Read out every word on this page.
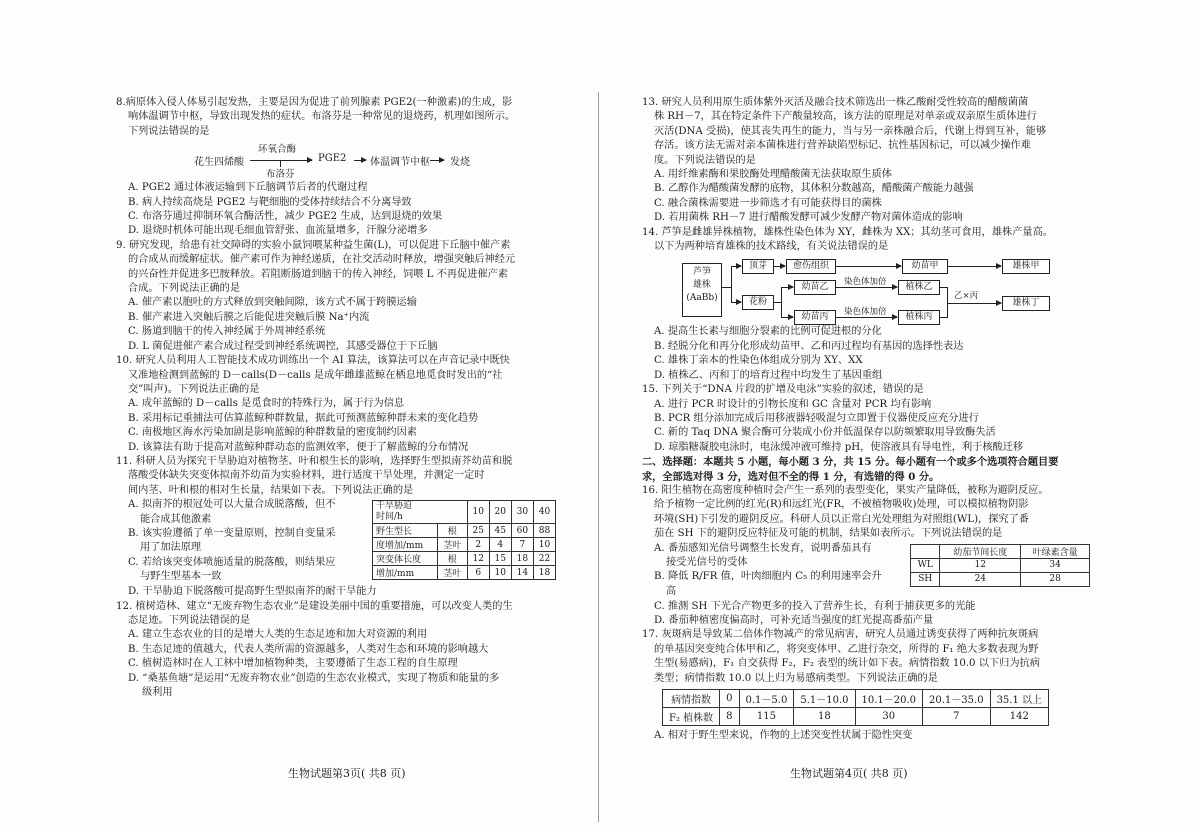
8.病原体入侵人体易引起发热，主要是因为促进了前列腺素 PGE2(一种激素)的生成，影

响体温调节中枢，导致出现发热的症状。布洛芬是一种常见的退烧药，机理如图所示。

下列说法错误的是

花生四烯酸
环氧合酶
布洛芬
PGE2 体温调节中枢 发烧

A. PGE2 通过体液运输到下丘脑调节后者的代谢过程

B. 病人持续高烧是 PGE2 与靶细胞的受体持续结合不分离导致

C. 布洛芬通过抑制环氧合酶活性，减少 PGE2 生成，达到退烧的效果

D. 退烧时机体可能出现毛细血管舒张、血流量增多，汗腺分泌增多

9. 研究发现，给患有社交障碍的实验小鼠饲喂某种益生菌(L)，可以促进下丘脑中催产素

的合成从而缓解症状。催产素可作为神经递质，在社交活动时释放，增强突触后神经元

的兴奋性并促进多巴胺释放。若阻断肠道到脑干的传入神经，饲喂 L 不再促进催产素

合成。下列说法正确的是

A. 催产素以胞吐的方式释放到突触间隙，该方式不属于跨膜运输

B. 催产素进入突触后膜之后能促进突触后膜 Na⁺内流

C. 肠道到脑干的传入神经属于外周神经系统

D. L 菌促进催产素合成过程受到神经系统调控，其感受器位于下丘脑

10. 研究人员利用人工智能技术成功训练出一个 AI 算法，该算法可以在声音记录中既快

又准地检测到蓝鲸的 D－calls(D－calls 是成年雌雄蓝鲸在栖息地觅食时发出的“社

交”叫声)。下列说法正确的是

A. 成年蓝鲸的 D－calls 是觅食时的特殊行为，属于行为信息

B. 采用标记重捕法可估算蓝鲸种群数量，据此可预测蓝鲸种群未来的变化趋势

C. 南极地区海水污染加剧是影响蓝鲸的种群数量的密度制约因素

D. 该算法有助于提高对蓝鲸种群动态的监测效率，便于了解蓝鲸的分布情况

11. 科研人员为探究干旱胁迫对植物茎、叶和根生长的影响，选择野生型拟南芥幼苗和脱

落酸受体缺失突变体拟南芥幼苗为实验材料，进行适度干旱处理，并测定一定时

间内茎、叶和根的相对生长量，结果如下表。下列说法正确的是

A. 拟南芥的根冠处可以大量合成脱落酸，但不

能合成其他激素

B. 该实验遵循了单一变量原则，控制自变量采

用了加法原理

C. 若给该突变体喷施适量的脱落酸，则结果应

与野生型基本一致

干旱胁迫
时间/h		10	20	30	40
野生型长	根	25	45	60	88
度增加/mm	茎叶	2	4	7	10
突变体长度	根	12	15	18	22
增加/mm	茎叶	6	10	14	18

D. 干旱胁迫下脱落酸可提高野生型拟南芥的耐干旱能力

12. 植树造林、建立“无废弃物生态农业”是建设美丽中国的重要措施，可以改变人类的生

态足迹。下列说法错误的是

A. 建立生态农业的目的是增大人类的生态足迹和加大对资源的利用

B. 生态足迹的值越大，代表人类所需的资源越多，人类对生态和环境的影响越大

C. 植树造林时在人工林中增加植物种类，主要遵循了生态工程的自生原理

D. “桑基鱼塘”是运用“无废弃物农业”创造的生态农业模式，实现了物质和能量的多

级利用

生物试题第3页( 共8 页)

13. 研究人员利用原生质体紫外灭活及融合技术筛选出一株乙酸耐受性较高的醋酸菌菌

株 RH－7，其在特定条件下产酸量较高，该方法的原理是对单亲或双亲原生质体进行

灭活(DNA 受损)，使其丧失再生的能力，当与另一亲株融合后，代谢上得到互补，能够

存活。该方法无需对亲本菌株进行营养缺陷型标记、抗性基因标记，可以减少操作难

度。下列说法错误的是

A. 用纤维素酶和果胶酶处理醋酸菌无法获取原生质体

B. 乙醇作为醋酸菌发酵的底物，其体积分数越高，醋酸菌产酸能力越强

C. 融合菌株需要进一步筛选才有可能获得目的菌株

D. 若用菌株 RH－7 进行醋酸发酵可减少发酵产物对菌体造成的影响

14. 芦笋是雌雄异株植物，雄株性染色体为 XY，雌株为 XX；其幼茎可食用，雄株产量高。

以下为两种培育雄株的技术路线，有关说法错误的是

芦笋
雄株
(AaBb)
顶芽	愈伤组织	幼苗甲	雄株甲
花粉
幼苗乙
幼苗丙
染色体加倍
染色体加倍
植株乙
植株丙
乙×丙
雄株丁

A. 提高生长素与细胞分裂素的比例可促进根的分化

B. 经脱分化和再分化形成幼苗甲、乙和丙过程均有基因的选择性表达

C. 雄株丁亲本的性染色体组成分别为 XY、XX

D. 植株乙、丙和丁的培育过程中均发生了基因重组

15. 下列关于“DNA 片段的扩增及电泳”实验的叙述，错误的是

A. 进行 PCR 时设计的引物长度和 GC 含量对 PCR 均有影响

B. PCR 组分添加完成后用移液器轻吸混匀立即置于仪器使反应充分进行

C. 新的 Taq DNA 聚合酶可分装成小份并低温保存以防频繁取用导致酶失活

D. 琼脂糖凝胶电泳时，电泳缓冲液可维持 pH，使溶液具有导电性，利于核酸迁移

二、选择题：本题共 5 小题，每小题 3 分，共 15 分。每小题有一个或多个选项符合题目要

求，全部选对得 3 分，选对但不全的得 1 分，有选错的得 0 分。

16. 阳生植物在高密度种植时会产生一系列的表型变化，果实产量降低，被称为避阴反应。

给予植物一定比例的红光(R)和远红光(FR，不被植物吸收)处理，可以模拟植物阴影

环境(SH)下引发的避阴反应。科研人员以正常白光处理组为对照组(WL)，探究了番

茄在 SH 下的避阴反应特征及可能的机制，结果如表所示。下列说法错误的是

A. 番茄感知光信号调整生长发育，说明番茄具有

接受光信号的受体

B. 降低 R/FR 值，叶肉细胞内 C₅ 的利用速率会升

高

	幼茄节间长度	叶绿素含量
WL	12	34
SH	24	28

C. 推测 SH 下光合产物更多的投入了营养生长，有利于捕获更多的光能

D. 番茄种植密度偏高时，可补充适当强度的红光提高番茄产量

17. 灰斑病是导致某二倍体作物减产的常见病害，研究人员通过诱变获得了两种抗灰斑病

的单基因突变纯合体甲和乙，将突变体甲、乙进行杂交，所得的 F₁ 绝大多数表现为野

生型(易感病)，F₁ 自交获得 F₂，F₂ 表型的统计如下表。病情指数 10.0 以下归为抗病

类型；病情指数 10.0 以上归为易感病类型。下列说法正确的是

病情指数	0	0.1－5.0	5.1－10.0	10.1－20.0	20.1－35.0	35.1 以上
F₂ 植株数	8	115	18	30	7	142

A. 相对于野生型来说，作物的上述突变性状属于隐性突变

生物试题第4页( 共8 页)
